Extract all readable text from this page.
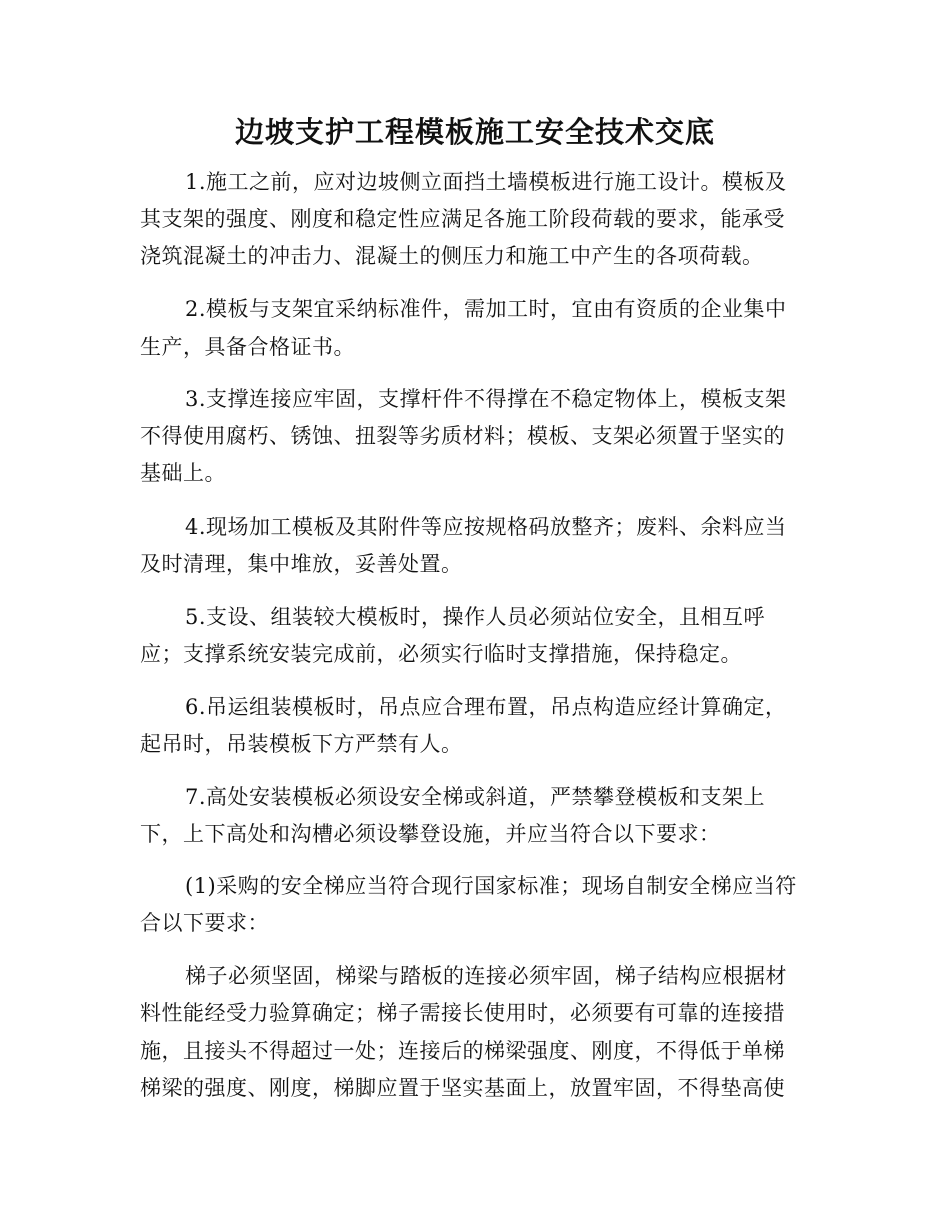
边坡支护工程模板施工安全技术交底
1.施工之前，应对边坡侧立面挡土墙模板进行施工设计。模板及
其支架的强度、刚度和稳定性应满足各施工阶段荷载的要求，能承受
浇筑混凝土的冲击力、混凝土的侧压力和施工中产生的各项荷载。
2.模板与支架宜采纳标准件，需加工时，宜由有资质的企业集中
生产，具备合格证书。
3.支撑连接应牢固，支撑杆件不得撑在不稳定物体上，模板支架
不得使用腐朽、锈蚀、扭裂等劣质材料；模板、支架必须置于坚实的
基础上。
4.现场加工模板及其附件等应按规格码放整齐；废料、余料应当
及时清理，集中堆放，妥善处置。
5.支设、组装较大模板时，操作人员必须站位安全，且相互呼
应；支撑系统安装完成前，必须实行临时支撑措施，保持稳定。
6.吊运组装模板时，吊点应合理布置，吊点构造应经计算确定，
起吊时，吊装模板下方严禁有人。
7.高处安装模板必须设安全梯或斜道，严禁攀登模板和支架上
下，上下高处和沟槽必须设攀登设施，并应当符合以下要求：
(1)采购的安全梯应当符合现行国家标准；现场自制安全梯应当符
合以下要求：
梯子必须坚固，梯梁与踏板的连接必须牢固，梯子结构应根据材
料性能经受力验算确定；梯子需接长使用时，必须要有可靠的连接措
施，且接头不得超过一处；连接后的梯梁强度、刚度，不得低于单梯
梯梁的强度、刚度，梯脚应置于坚实基面上，放置牢固，不得垫高使
